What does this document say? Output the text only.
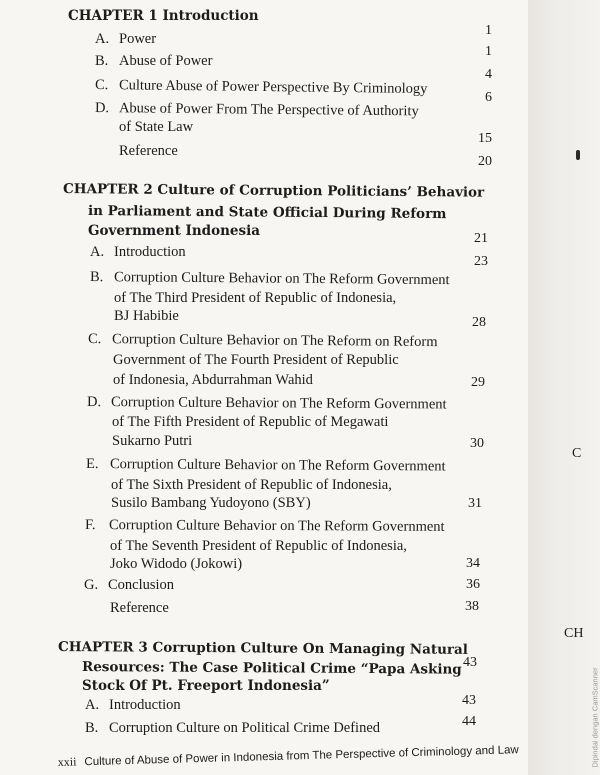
CHAPTER 1 Introduction
A. Power
B. Abuse of Power
C. Culture Abuse of Power Perspective By Criminology
D. Abuse of Power From The Perspective of Authority
of State Law
Reference
1
1
4
6
15
20
CHAPTER 2 Culture of Corruption Politicians’ Behavior
in Parliament and State Official During Reform
Government Indonesia
A. Introduction
B. Corruption Culture Behavior on The Reform Government
of The Third President of Republic of Indonesia,
BJ Habibie
C. Corruption Culture Behavior on The Reform on Reform
Government of The Fourth President of Republic
of Indonesia, Abdurrahman Wahid
D. Corruption Culture Behavior on The Reform Government
of The Fifth President of Republic of Megawati
Sukarno Putri
E. Corruption Culture Behavior on The Reform Government
of The Sixth President of Republic of Indonesia,
Susilo Bambang Yudoyono (SBY)
F. Corruption Culture Behavior on The Reform Government
of The Seventh President of Republic of Indonesia,
Joko Widodo (Jokowi)
G. Conclusion
Reference
21
23
28
29
30
31
34
36
38
CHAPTER 3 Corruption Culture On Managing Natural
Resources: The Case Political Crime “Papa Asking
Stock Of Pt. Freeport Indonesia”
A. Introduction
B. Corruption Culture on Political Crime Defined
43
43
44
xxii Culture of Abuse of Power in Indonesia from The Perspective of Criminology and Law
C
CH
Dipindai dengan CamScanner
